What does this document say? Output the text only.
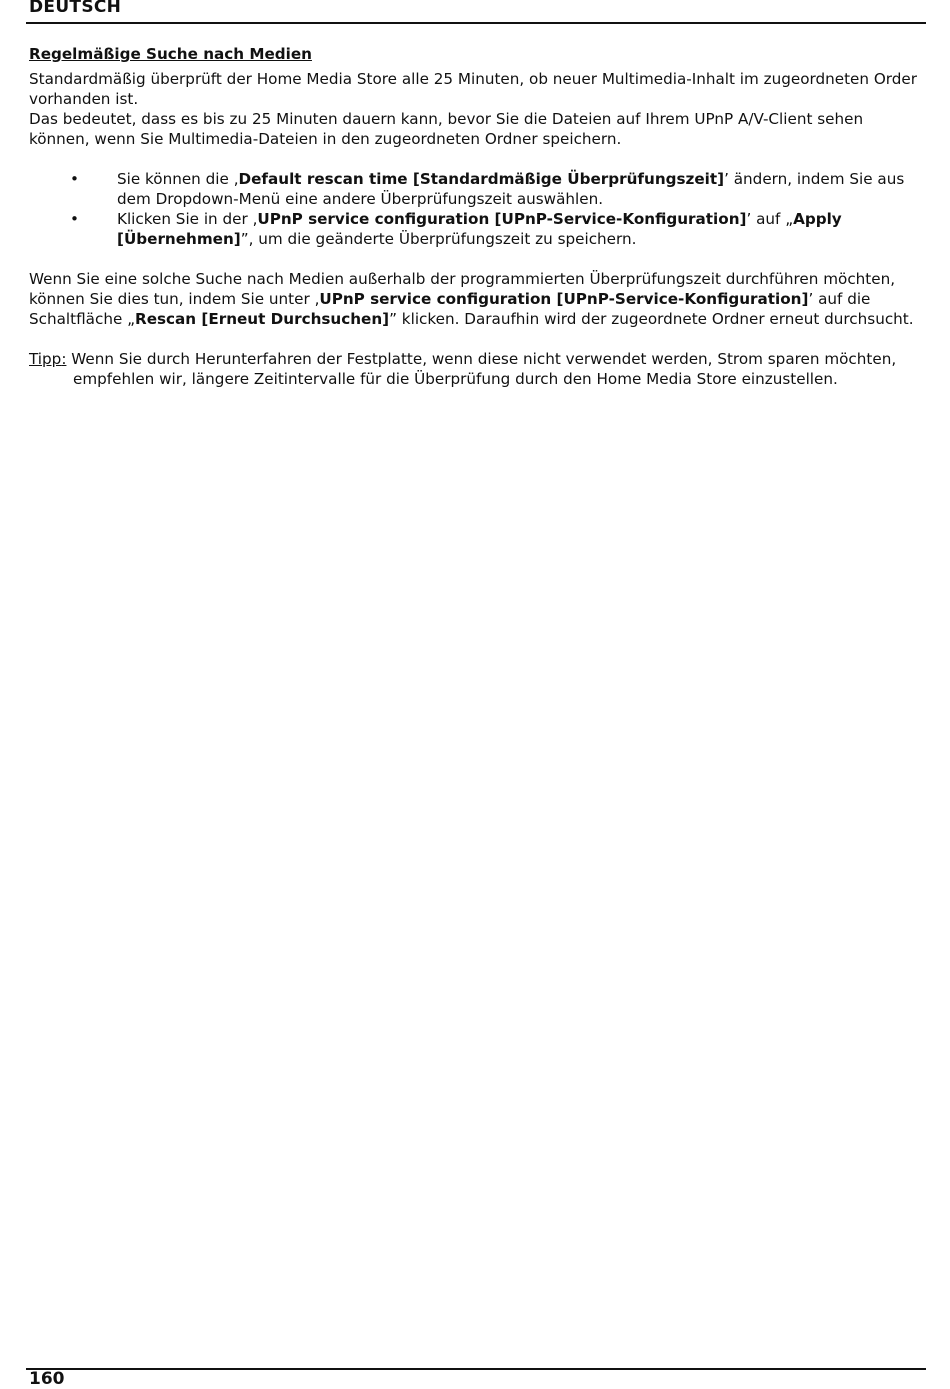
DEUTSCH

Regelmäßige Suche nach Medien

Standardmäßig überprüft der Home Media Store alle 25 Minuten, ob neuer Multimedia-Inhalt im zugeordneten Order vorhanden ist.

Das bedeutet, dass es bis zu 25 Minuten dauern kann, bevor Sie die Dateien auf Ihrem UPnP A/V-Client sehen können, wenn Sie Multimedia-Dateien in den zugeordneten Ordner speichern.

•	Sie können die ‚Default rescan time [Standardmäßige Überprüfungszeit]’ ändern, indem Sie aus dem Dropdown-Menü eine andere Überprüfungszeit auswählen.
•	Klicken Sie in der ‚UPnP service configuration [UPnP-Service-Konfiguration]’ auf „Apply [Übernehmen]”, um die geänderte Überprüfungszeit zu speichern.

Wenn Sie eine solche Suche nach Medien außerhalb der programmierten Überprüfungszeit durchführen möchten, können Sie dies tun, indem Sie unter ‚UPnP service configuration [UPnP-Service-Konfiguration]’ auf die Schaltfläche „Rescan [Erneut Durchsuchen]” klicken. Daraufhin wird der zugeordnete Ordner erneut durchsucht.

Tipp: Wenn Sie durch Herunterfahren der Festplatte, wenn diese nicht verwendet werden, Strom sparen möchten, empfehlen wir, längere Zeitintervalle für die Überprüfung durch den Home Media Store einzustellen.

160
